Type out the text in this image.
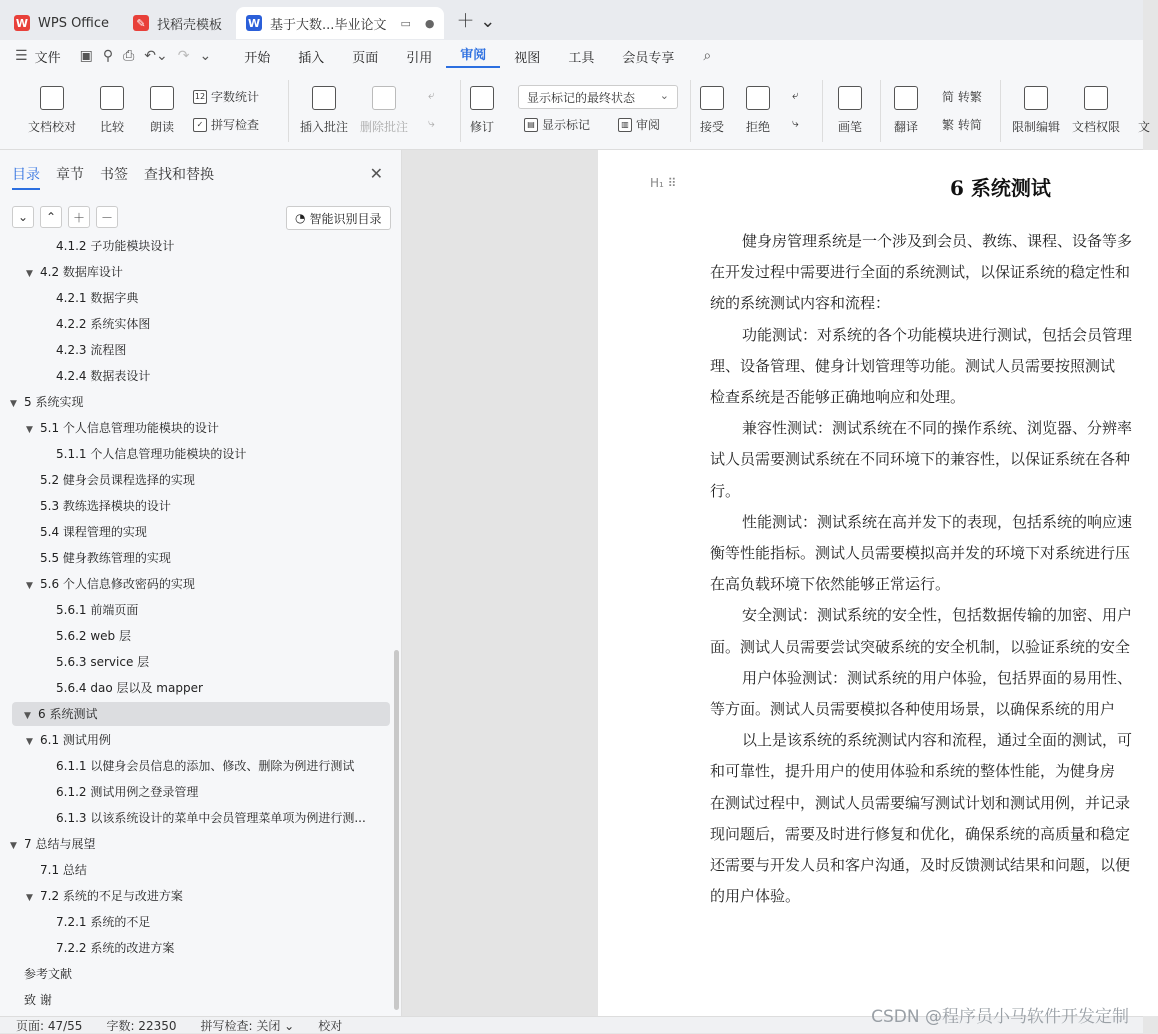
W WPS Office	✎ 找稻壳模板 W 基于大数...毕业论文 ▭ ● ＋ ⌄
☰ 文件	▣ ⚲ ⎙ ↶⌄ ↷ ⌄	开始	插入	页面	引用	审阅	视图	工具	会员专享	⌕
文档校对 比较 朗读
12 字数统计
✓ 拼写检查	插入批注 删除批注
⤶
⤷	修订
显示标记的最终状态 ⌄
▤ 显示标记	▥ 审阅	接受 拒绝
⤶
⤷	画笔	翻译
简 转繁
繁 转简	限制编辑 文档权限 文
目录 章节 书签 查找和替换	✕
⌄	⌃	＋	－	◔ 智能识别目录
4.1.2 子功能模块设计
▼ 4.2 数据库设计
4.2.1 数据字典
4.2.2 系统实体图
4.2.3 流程图
4.2.4 数据表设计
▼ 5 系统实现
▼ 5.1 个人信息管理功能模块的设计
5.1.1 个人信息管理功能模块的设计
5.2 健身会员课程选择的实现
5.3 教练选择模块的设计
5.4 课程管理的实现
5.5 健身教练管理的实现
▼ 5.6 个人信息修改密码的实现
5.6.1 前端页面
5.6.2 web 层
5.6.3 service 层
5.6.4 dao 层以及 mapper
▼ 6 系统测试
▼ 6.1 测试用例
6.1.1 以健身会员信息的添加、修改、删除为例进行测试
6.1.2 测试用例之登录管理
6.1.3 以该系统设计的菜单中会员管理菜单项为例进行测...
▼ 7 总结与展望
7.1 总结
▼ 7.2 系统的不足与改进方案
7.2.1 系统的不足
7.2.2 系统的改进方案
参考文献
致 谢
H₁ ⠿	6 系统测试
健身房管理系统是一个涉及到会员、教练、课程、设备等多
在开发过程中需要进行全面的系统测试，以保证系统的稳定性和
统的系统测试内容和流程：
功能测试：对系统的各个功能模块进行测试，包括会员管理
理、设备管理、健身计划管理等功能。测试人员需要按照测试
检查系统是否能够正确地响应和处理。
兼容性测试：测试系统在不同的操作系统、浏览器、分辨率
试人员需要测试系统在不同环境下的兼容性，以保证系统在各种
行。
性能测试：测试系统在高并发下的表现，包括系统的响应速
衡等性能指标。测试人员需要模拟高并发的环境下对系统进行压
在高负载环境下依然能够正常运行。
安全测试：测试系统的安全性，包括数据传输的加密、用户
面。测试人员需要尝试突破系统的安全机制，以验证系统的安全
用户体验测试：测试系统的用户体验，包括界面的易用性、
等方面。测试人员需要模拟各种使用场景，以确保系统的用户
以上是该系统的系统测试内容和流程，通过全面的测试，可
和可靠性，提升用户的使用体验和系统的整体性能，为健身房
在测试过程中，测试人员需要编写测试计划和测试用例，并记录
现问题后，需要及时进行修复和优化，确保系统的高质量和稳定
还需要与开发人员和客户沟通，及时反馈测试结果和问题，以便
的用户体验。
页面: 47/55 字数: 22350 拼写检查: 关闭 ⌄ 校对	CSDN @程序员小马软件开发定制
